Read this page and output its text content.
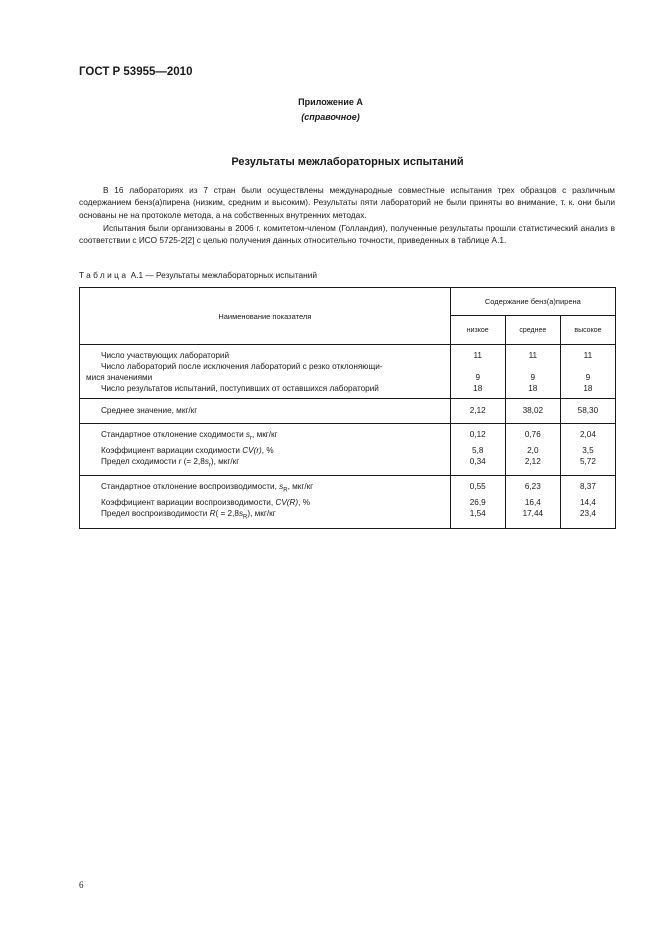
ГОСТ Р 53955—2010
Приложение А
(справочное)
Результаты межлабораторных испытаний

В 16 лабораториях из 7 стран были осуществлены международные совместные испытания трех образцов с различным содержанием бенз(а)пирена (низким, средним и высоким). Результаты пяти лабораторий не были приняты во внимание, т. к. они были основаны не на протоколе метода, а на собственных внутренних методах.

Испытания были организованы в 2006 г. комитетом-членом (Голландия), полученные результаты прошли статистический анализ в соответствии с ИСО 5725-2[2] с целью получения данных относительно точности, приведенных в таблице А.1.

Таблица А.1 — Результаты межлабораторных испытаний
Наименование показателя	Содержание бенз(а)пирена		
	низкое	среднее	высокое
Число участвующих лабораторий	11	11	11

Число лабораторий после исключения лабораторий с резко отклоняющи-
мися значениями	9	9	9
Число результатов испытаний, поступивших от оставшихся лабораторий	18	18	18
Среднее значение, мкг/кг	2,12	38,02	58,30
Стандартное отклонение сходимости $s_r$, мкг/кг	0,12	0,76	2,04
Коэффициент вариации сходимости CV(r), %	5,8	2,0	3,5
Предел сходимости r (= $2,8s_r$), мкг/кг	0,34	2,12	5,72
Стандартное отклонение воспроизводимости, $s_R$, мкг/кг	0,55	6,23	8,37
Коэффициент вариации воспроизводимости, CV(R), %	26,9	16,4	14,4
Предел воспроизводимости $R( = 2,8s_R)$, мкг/кг	1,54	17,44	23,4
6
